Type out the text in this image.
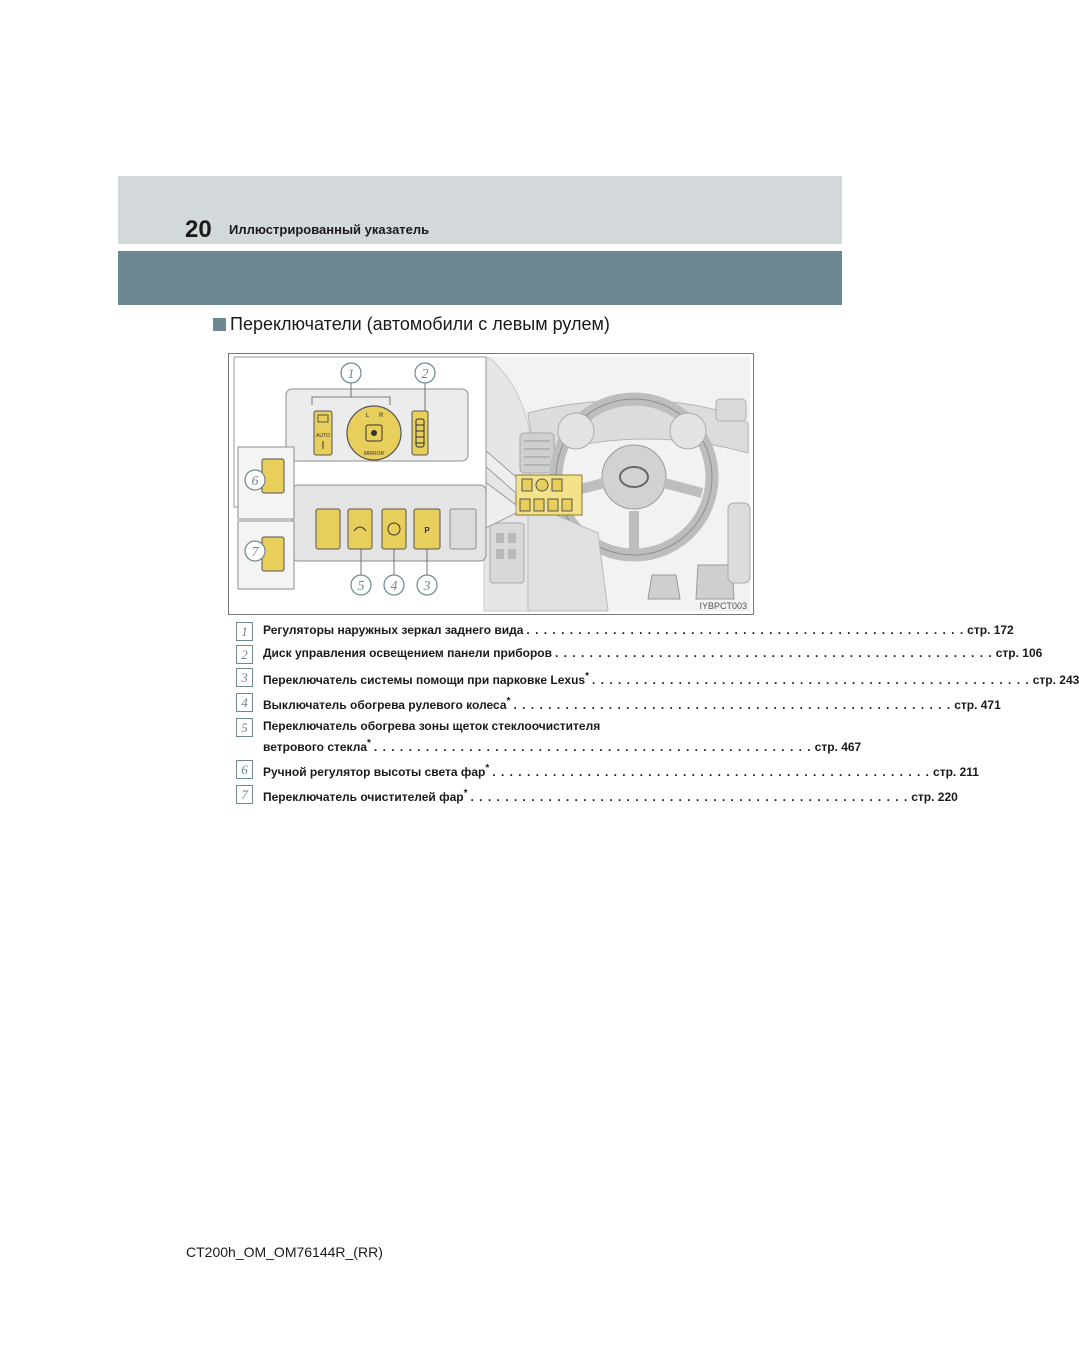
20 Иллюстрированный указатель
Переключатели (автомобили с левым рулем)
AUTO
L R
MIRROR
P
1	2
3
4
5
6
7
IYBPCT003
1	Регуляторы наружных зеркал заднего вида . . . . . . . . . . . . . . . . . . . . . . . . . . . . . . . . . . . . . . . . . . . . . . . . . . . стр. 172
2	Диск управления освещением панели приборов . . . . . . . . . . . . . . . . . . . . . . . . . . . . . . . . . . . . . . . . . . . . . . . . . . . стр. 106
3	Переключатель системы помощи при парковке Lexus* . . . . . . . . . . . . . . . . . . . . . . . . . . . . . . . . . . . . . . . . . . . . . . . . . . . стр. 243
4	Выключатель обогрева рулевого колеса* . . . . . . . . . . . . . . . . . . . . . . . . . . . . . . . . . . . . . . . . . . . . . . . . . . . стр. 471
5	Переключатель обогрева зоны щеток стеклоочистителя
ветрового стекла* . . . . . . . . . . . . . . . . . . . . . . . . . . . . . . . . . . . . . . . . . . . . . . . . . . . стр. 467
6	Ручной регулятор высоты света фар* . . . . . . . . . . . . . . . . . . . . . . . . . . . . . . . . . . . . . . . . . . . . . . . . . . . стр. 211
7	Переключатель очистителей фар* . . . . . . . . . . . . . . . . . . . . . . . . . . . . . . . . . . . . . . . . . . . . . . . . . . . стр. 220
CT200h_OM_OM76144R_(RR)
